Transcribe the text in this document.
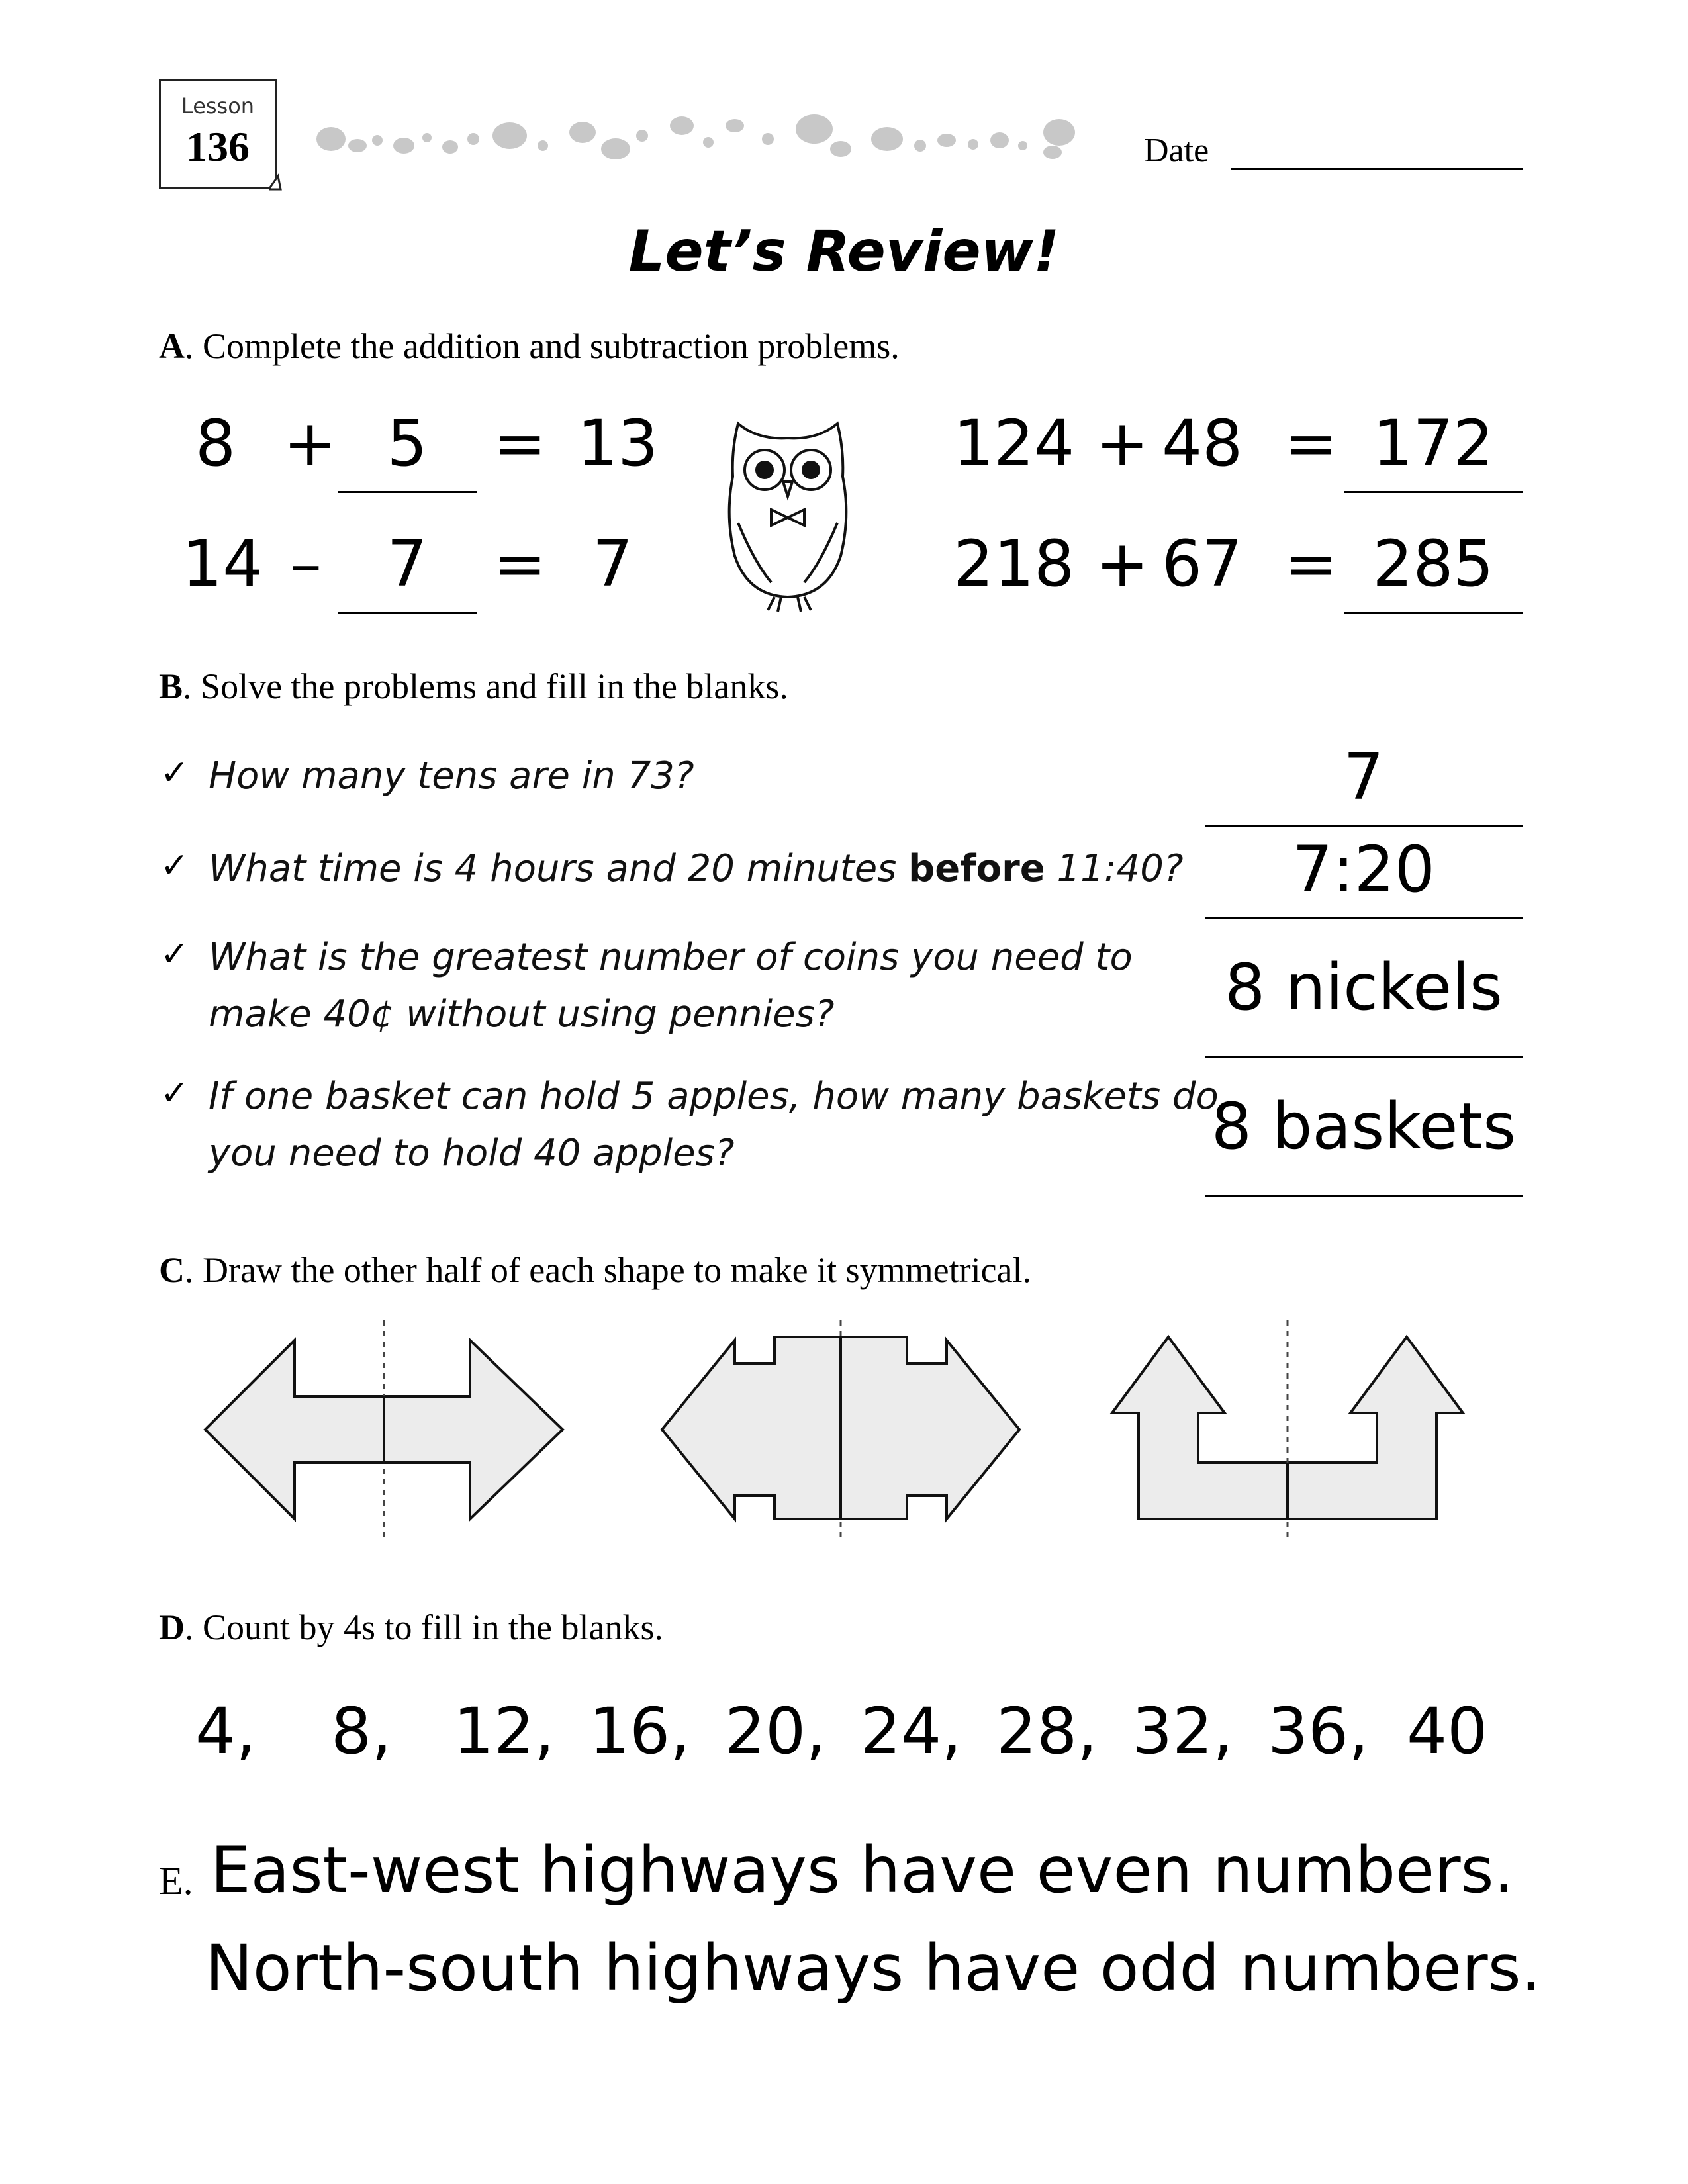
Lesson
136	Date
Let’s Review!
A. Complete the addition and subtraction problems.
8 + 5	= 13
14 –	7	= 7
124 + 48 = 172
218 + 67 = 285
B. Solve the problems and fill in the blanks.
✓ How many tens are in 73?	7
✓ What time is 4 hours and 20 minutes before 11:40?	7:20
✓ What is the greatest number of coins you need to
make 40¢ without using pennies?	8 nickels
✓ If one basket can hold 5 apples, how many baskets do
you need to hold 40 apples?	8 baskets
C. Draw the other half of each shape to make it symmetrical.
D. Count by 4s to fill in the blanks.
4, 8, 12, 16, 20, 24, 28, 32, 36, 40
E. East-west highways have even numbers.
North-south highways have odd numbers.
